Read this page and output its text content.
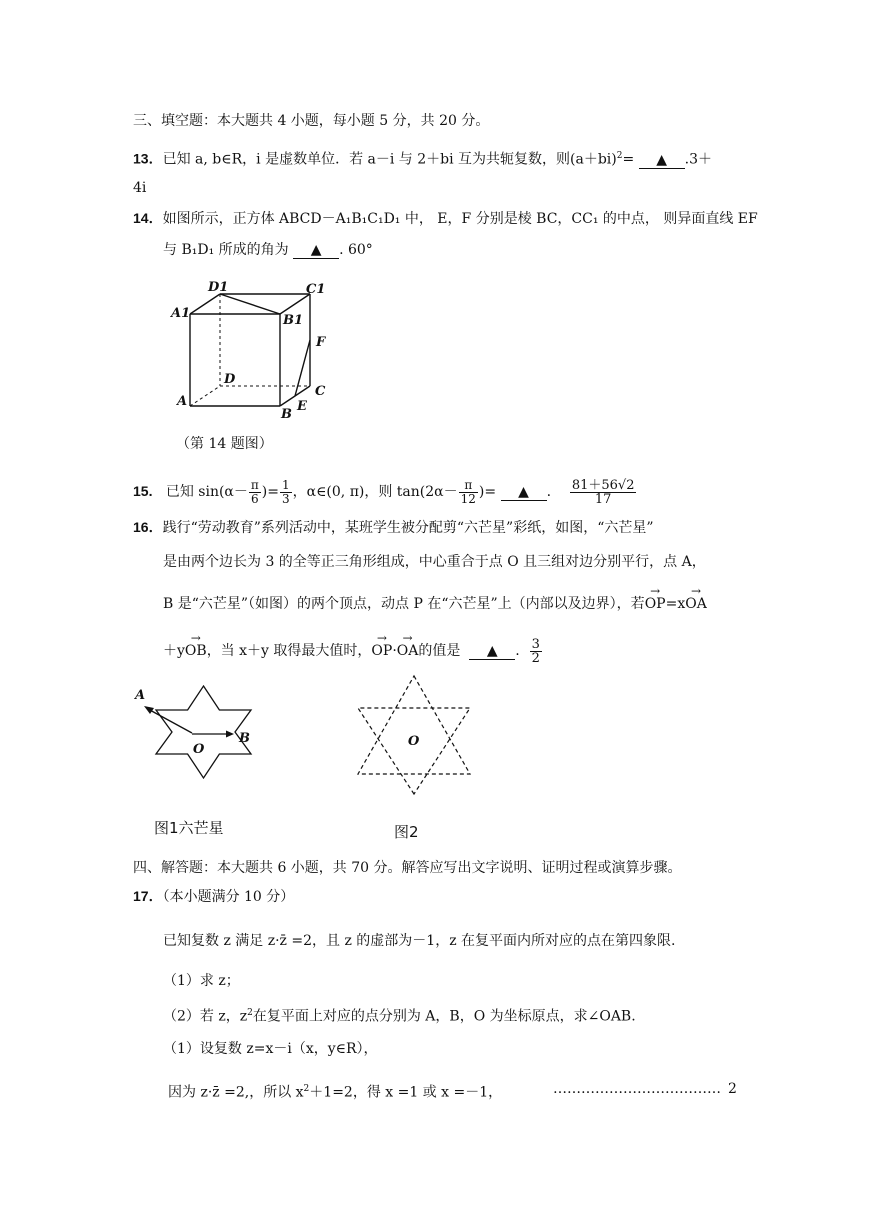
三、填空题：本大题共 4 小题，每小题 5 分，共 20 分。
13．已知 a, b∈R，i 是虚数单位．若 a－i 与 2＋bi 互为共轭复数，则$(a+bi)^2=$ ▲ .3＋
4i
14．如图所示，正方体 ABCD－A₁B₁C₁D₁ 中， E，F 分别是棱 BC，CC₁ 的中点， 则异面直线 EF
与 B₁D₁ 所成的角为 ▲ . 60°
D1	C1
A1	B1
F
D
C
A
B
E
（第 14 题图）
15. 已知 $\sin(\alpha- \frac{\pi}{6}$ )= $\frac{1}{3}$ ，α∈(0, π)，则 $\tan(2\alpha- \frac{\pi}{12}$ )= ▲ . $\frac{81+56√2}{17}$
16．践行“劳动教育”系列活动中，某班学生被分配剪“六芒星”彩纸，如图，“六芒星”
是由两个边长为 3 的全等正三角形组成，中心重合于点 O 且三组对边分别平行，点 A，
B 是“六芒星”（如图）的两个顶点，动点 P 在“六芒星”上（内部以及边界），若→ OP=x→ OA
＋y→ OB，当 x＋y 取得最大值时，→ OP·→ OA的值是 ▲ . $\frac{3}{2}$
A
B
O
图1六芒星
O
图2
四、解答题：本大题共 6 小题，共 70 分。解答应写出文字说明、证明过程或演算步骤。
17．（本小题满分 10 分）
已知复数 z 满足 z·z̄ =2，且 z 的虚部为－1，z 在复平面内所对应的点在第四象限.
（1）求 z；
（2）若 z，$z^2$在复平面上对应的点分别为 A，B，O 为坐标原点，求∠OAB.
（1）设复数 z=x－i（x，y∈R），
因为 z·z̄ =2,，所以 $x^2+1=2$，得 x =1 或 x =－1，	……………………………… 2
